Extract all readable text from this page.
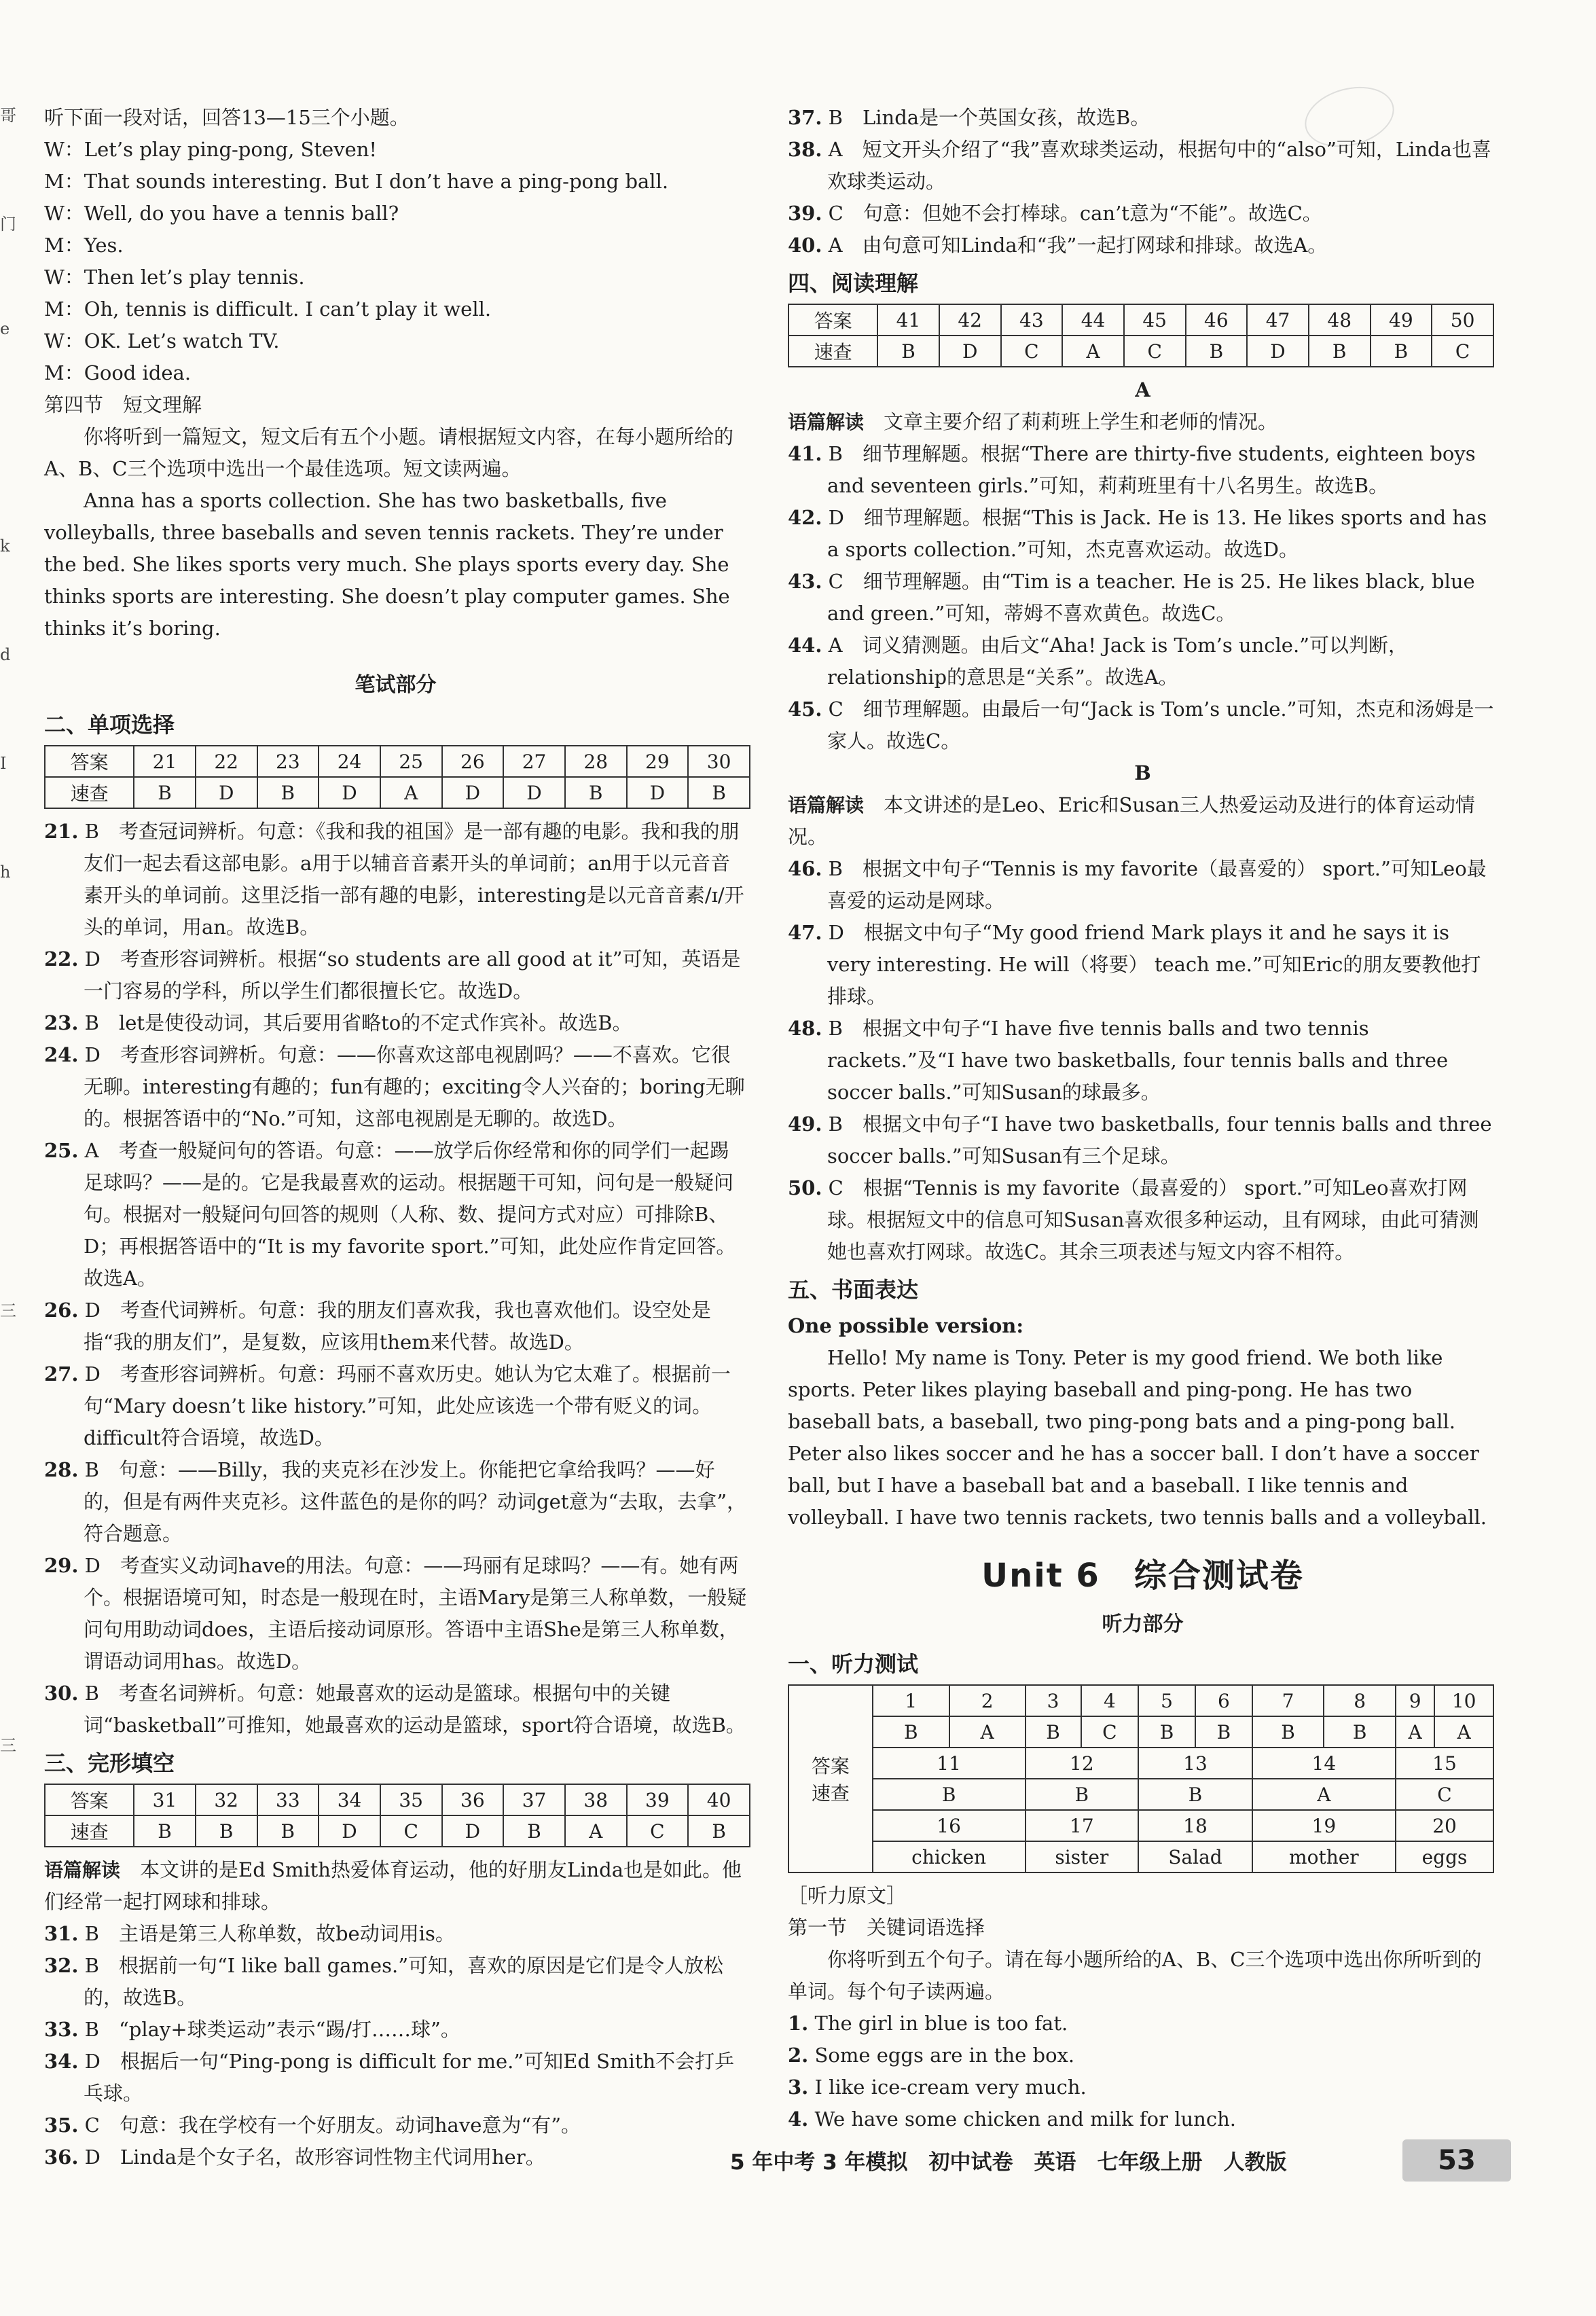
哥
门
e
k
d
I
h
三
三

听下面一段对话，回答13—15三个小题。

W：Let’s play ping-pong, Steven!

M：That sounds interesting. But I don’t have a ping-pong ball.

W：Well, do you have a tennis ball?

M：Yes.

W：Then let’s play tennis.

M：Oh, tennis is difficult. I can’t play it well.

W：OK. Let’s watch TV.

M：Good idea.

第四节　短文理解

你将听到一篇短文，短文后有五个小题。请根据短文内容，在每小题所给的A、B、C三个选项中选出一个最佳选项。短文读两遍。

Anna has a sports collection. She has two basketballs, five volleyballs, three baseballs and seven tennis rackets. They’re under the bed. She likes sports very much. She plays sports every day. She thinks sports are interesting. She doesn’t play computer games. She thinks it’s boring.

笔试部分
二、单项选择
答案	21	22	23	24	25	26	27	28	29	30
速查	B	D	B	D	A	D	D	B	D	B

21. B　考查冠词辨析。句意：《我和我的祖国》是一部有趣的电影。我和我的朋友们一起去看这部电影。a用于以辅音音素开头的单词前；an用于以元音音素开头的单词前。这里泛指一部有趣的电影，interesting是以元音音素/ɪ/开头的单词，用an。故选B。

22. D　考查形容词辨析。根据“so students are all good at it”可知，英语是一门容易的学科，所以学生们都很擅长它。故选D。

23. B　let是使役动词，其后要用省略to的不定式作宾补。故选B。

24. D　考查形容词辨析。句意：——你喜欢这部电视剧吗？——不喜欢。它很无聊。interesting有趣的；fun有趣的；exciting令人兴奋的；boring无聊的。根据答语中的“No.”可知，这部电视剧是无聊的。故选D。

25. A　考查一般疑问句的答语。句意：——放学后你经常和你的同学们一起踢足球吗？——是的。它是我最喜欢的运动。根据题干可知，问句是一般疑问句。根据对一般疑问句回答的规则（人称、数、提问方式对应）可排除B、D；再根据答语中的“It is my favorite sport.”可知，此处应作肯定回答。故选A。

26. D　考查代词辨析。句意：我的朋友们喜欢我，我也喜欢他们。设空处是指“我的朋友们”，是复数，应该用them来代替。故选D。

27. D　考查形容词辨析。句意：玛丽不喜欢历史。她认为它太难了。根据前一句“Mary doesn’t like history.”可知，此处应该选一个带有贬义的词。difficult符合语境，故选D。

28. B　句意：——Billy，我的夹克衫在沙发上。你能把它拿给我吗？——好的，但是有两件夹克衫。这件蓝色的是你的吗？动词get意为“去取，去拿”，符合题意。

29. D　考查实义动词have的用法。句意：——玛丽有足球吗？——有。她有两个。根据语境可知，时态是一般现在时，主语Mary是第三人称单数，一般疑问句用助动词does，主语后接动词原形。答语中主语She是第三人称单数，谓语动词用has。故选D。

30. B　考查名词辨析。句意：她最喜欢的运动是篮球。根据句中的关键词“basketball”可推知，她最喜欢的运动是篮球，sport符合语境，故选B。

三、完形填空
答案	31	32	33	34	35	36	37	38	39	40
速查	B	B	B	D	C	D	B	A	C	B

语篇解读　 本文讲的是Ed Smith热爱体育运动，他的好朋友Linda也是如此。他们经常一起打网球和排球。

31. B　主语是第三人称单数，故be动词用is。

32. B　根据前一句“I like ball games.”可知，喜欢的原因是它们是令人放松的，故选B。

33. B　“play+球类运动”表示“踢/打……球”。

34. D　根据后一句“Ping-pong is difficult for me.”可知Ed Smith不会打乒乓球。

35. C　句意：我在学校有一个好朋友。动词have意为“有”。

36. D　Linda是个女子名，故形容词性物主代词用her。

37. B　Linda是一个英国女孩，故选B。

38. A　短文开头介绍了“我”喜欢球类运动，根据句中的“also”可知，Linda也喜欢球类运动。

39. C　句意：但她不会打棒球。can’t意为“不能”。故选C。

40. A　由句意可知Linda和“我”一起打网球和排球。故选A。

四、阅读理解
答案	41	42	43	44	45	46	47	48	49	50
速查	B	D	C	A	C	B	D	B	B	C

A

语篇解读　 文章主要介绍了莉莉班上学生和老师的情况。

41. B　细节理解题。根据“There are thirty-five students, eighteen boys and seventeen girls.”可知，莉莉班里有十八名男生。故选B。

42. D　细节理解题。根据“This is Jack. He is 13. He likes sports and has a sports collection.”可知，杰克喜欢运动。故选D。

43. C　细节理解题。由“Tim is a teacher. He is 25. He likes black, blue and green.”可知，蒂姆不喜欢黄色。故选C。

44. A　词义猜测题。由后文“Aha! Jack is Tom’s uncle.”可以判断，relationship的意思是“关系”。故选A。

45. C　细节理解题。由最后一句“Jack is Tom’s uncle.”可知，杰克和汤姆是一家人。故选C。

B

语篇解读　 本文讲述的是Leo、Eric和Susan三人热爱运动及进行的体育运动情况。

46. B　根据文中句子“Tennis is my favorite（最喜爱的） sport.”可知Leo最喜爱的运动是网球。

47. D　根据文中句子“My good friend Mark plays it and he says it is very interesting. He will（将要） teach me.”可知Eric的朋友要教他打排球。

48. B　根据文中句子“I have five tennis balls and two tennis rackets.”及“I have two basketballs, four tennis balls and three soccer balls.”可知Susan的球最多。

49. B　根据文中句子“I have two basketballs, four tennis balls and three soccer balls.”可知Susan有三个足球。

50. C　根据“Tennis is my favorite（最喜爱的） sport.”可知Leo喜欢打网球。根据短文中的信息可知Susan喜欢很多种运动，且有网球，由此可猜测她也喜欢打网球。故选C。其余三项表述与短文内容不相符。

五、书面表达

One possible version:

Hello! My name is Tony. Peter is my good friend. We both like sports. Peter likes playing baseball and ping-pong. He has two baseball bats, a baseball, two ping-pong bats and a ping-pong ball. Peter also likes soccer and he has a soccer ball. I don’t have a soccer ball, but I have a baseball bat and a baseball. I like tennis and volleyball. I have two tennis rackets, two tennis balls and a volleyball.

Unit 6　综合测试卷
听力部分
一、听力测试
答案
速查	1	2	3	4	5	6	7	8	9	10
	B	A	B	C	B	B	B	B	A	A
	11		12		13		14		15	
	B		B		B		A		C	
	16		17		18		19		20	
	chicken		sister		Salad		mother		eggs	

［听力原文］

第一节　关键词语选择

你将听到五个句子。请在每小题所给的A、B、C三个选项中选出你所听到的单词。每个句子读两遍。

1. The girl in blue is too fat.

2. Some eggs are in the box.

3. I like ice-cream very much.

4. We have some chicken and milk for lunch.

5 年中考 3 年模拟　初中试卷　英语　七年级上册　人教版	53
